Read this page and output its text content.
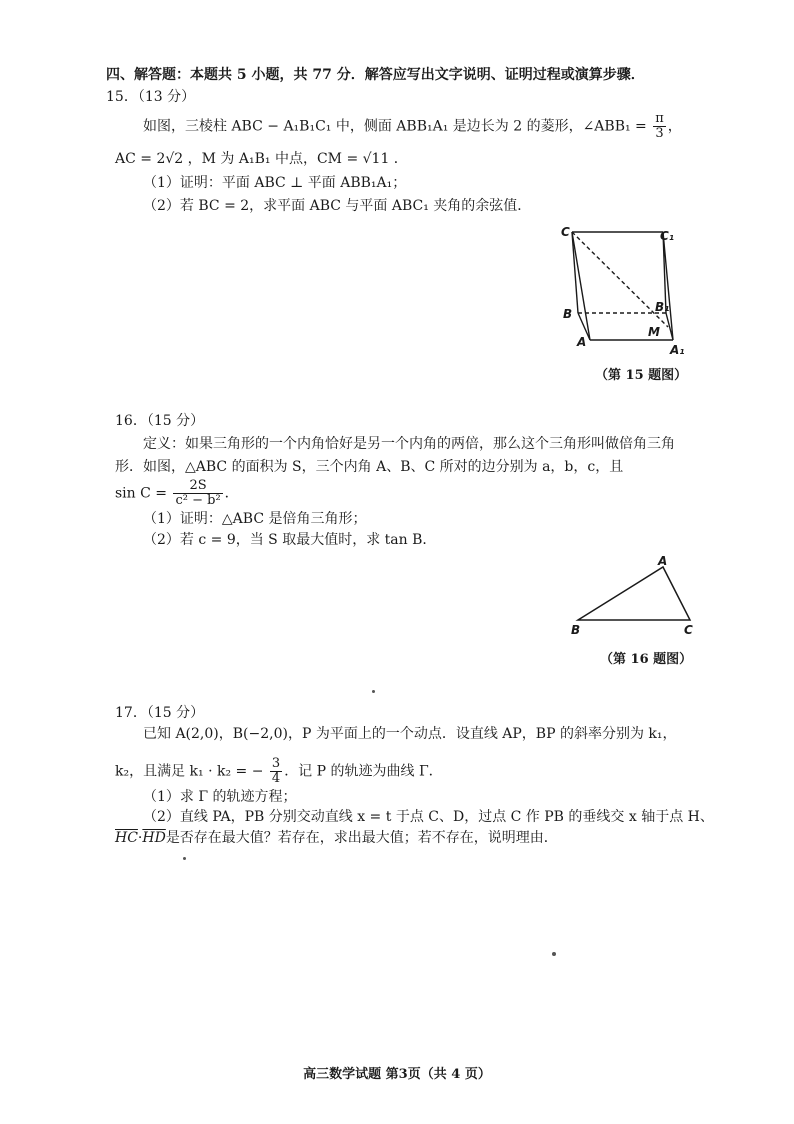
四、解答题：本题共 5 小题，共 77 分．解答应写出文字说明、证明过程或演算步骤．
15．（13 分）
如图，三棱柱 ABC − A₁B₁C₁ 中，侧面 ABB₁A₁ 是边长为 2 的菱形，∠ABB₁ = $\frac{\pi}{3}$ ，
AC = 2√2 ，M 为 A₁B₁ 中点，CM = √11 ．
（1）证明：平面 ABC ⊥ 平面 ABB₁A₁；
（2）若 BC = 2，求平面 ABC 与平面 ABC₁ 夹角的余弦值．
C	C₁
B	B₁
M
A
A₁
（第 15 题图）
16．（15 分）
定义：如果三角形的一个内角恰好是另一个内角的两倍，那么这个三角形叫做倍角三角
形．如图，△ABC 的面积为 S，三个内角 A、B、C 所对的边分别为 a，b，c，且
$\sin C = \frac{2S}{\text{c² − b²}}$ ．
（1）证明：△ABC 是倍角三角形；
（2）若 c = 9，当 S 取最大值时，求 tan B．
A
B	C
（第 16 题图）
17．（15 分）
已知 A(2,0)，B(−2,0)，P 为平面上的一个动点．设直线 AP，BP 的斜率分别为 k₁，
k₂，且满足 k₁ · k₂ = − $\frac{3}{4}$ ．记 P 的轨迹为曲线 Γ．
（1）求 Γ 的轨迹方程；
（2）直线 PA，PB 分别交动直线 x = t 于点 C、D，过点 C 作 PB 的垂线交 x 轴于点 H、
$\overline{HC}\cdot\overline{HD}$是否存在最大值？若存在，求出最大值；若不存在，说明理由．
高三数学试题 第3页（共 4 页）
